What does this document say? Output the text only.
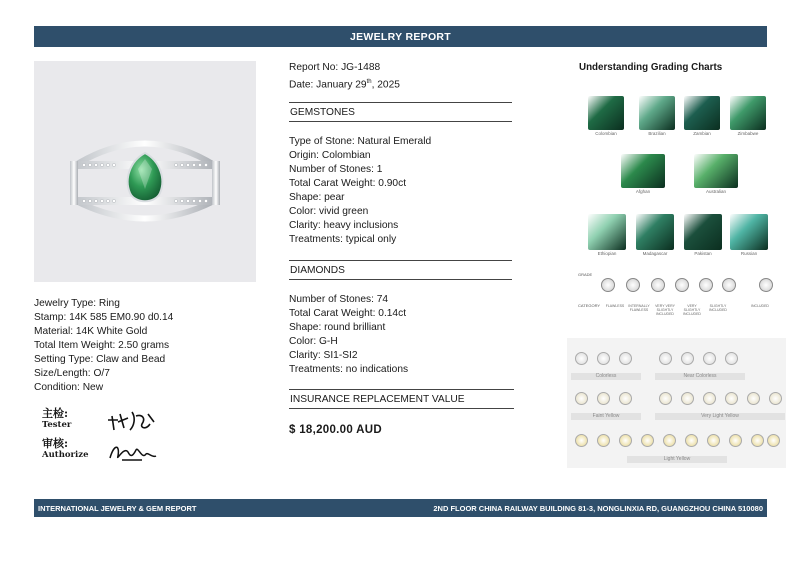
JEWELRY REPORT
Jewelry Type: Ring
Stamp: 14K 585 EM0.90 d0.14
Material: 14K White Gold
Total Item Weight: 2.50 grams
Setting Type: Claw and Bead
Size/Length: O/7
Condition: New
主检:
Tester
审核:
Authorize
Report No: JG-1488
Date: January 29th, 2025
GEMSTONES
Type of Stone: Natural Emerald
Origin: Colombian
Number of Stones: 1
Total Carat Weight: 0.90ct
Shape: pear
Color: vivid green
Clarity: heavy inclusions
Treatments: typical only
DIAMONDS
Number of Stones: 74
Total Carat Weight: 0.14ct
Shape: round brilliant
Color: G-H
Clarity: SI1-SI2
Treatments: no indications
INSURANCE REPLACEMENT VALUE
$ 18,200.00 AUD
Understanding Grading Charts
Colombian	Brazilian	Zambian	Zimbabwe
Afghan	Australian
Ethiopian	Madagascar	Pakistan	Russian
GRADE
CATEGORY	FLAWLESS	INTERNALLY FLAWLESS
VERY VERY SLIGHTLY INCLUDED
VERY SLIGHTLY INCLUDED
SLIGHTLY INCLUDED
INCLUDED
Colorless	Near Colorless
Faint Yellow	Very Light Yellow
Light Yellow
INTERNATIONAL JEWELRY & GEM REPORT	2ND FLOOR CHINA RAILWAY BUILDING 81-3, NONGLINXIA RD, GUANGZHOU CHINA 510080
